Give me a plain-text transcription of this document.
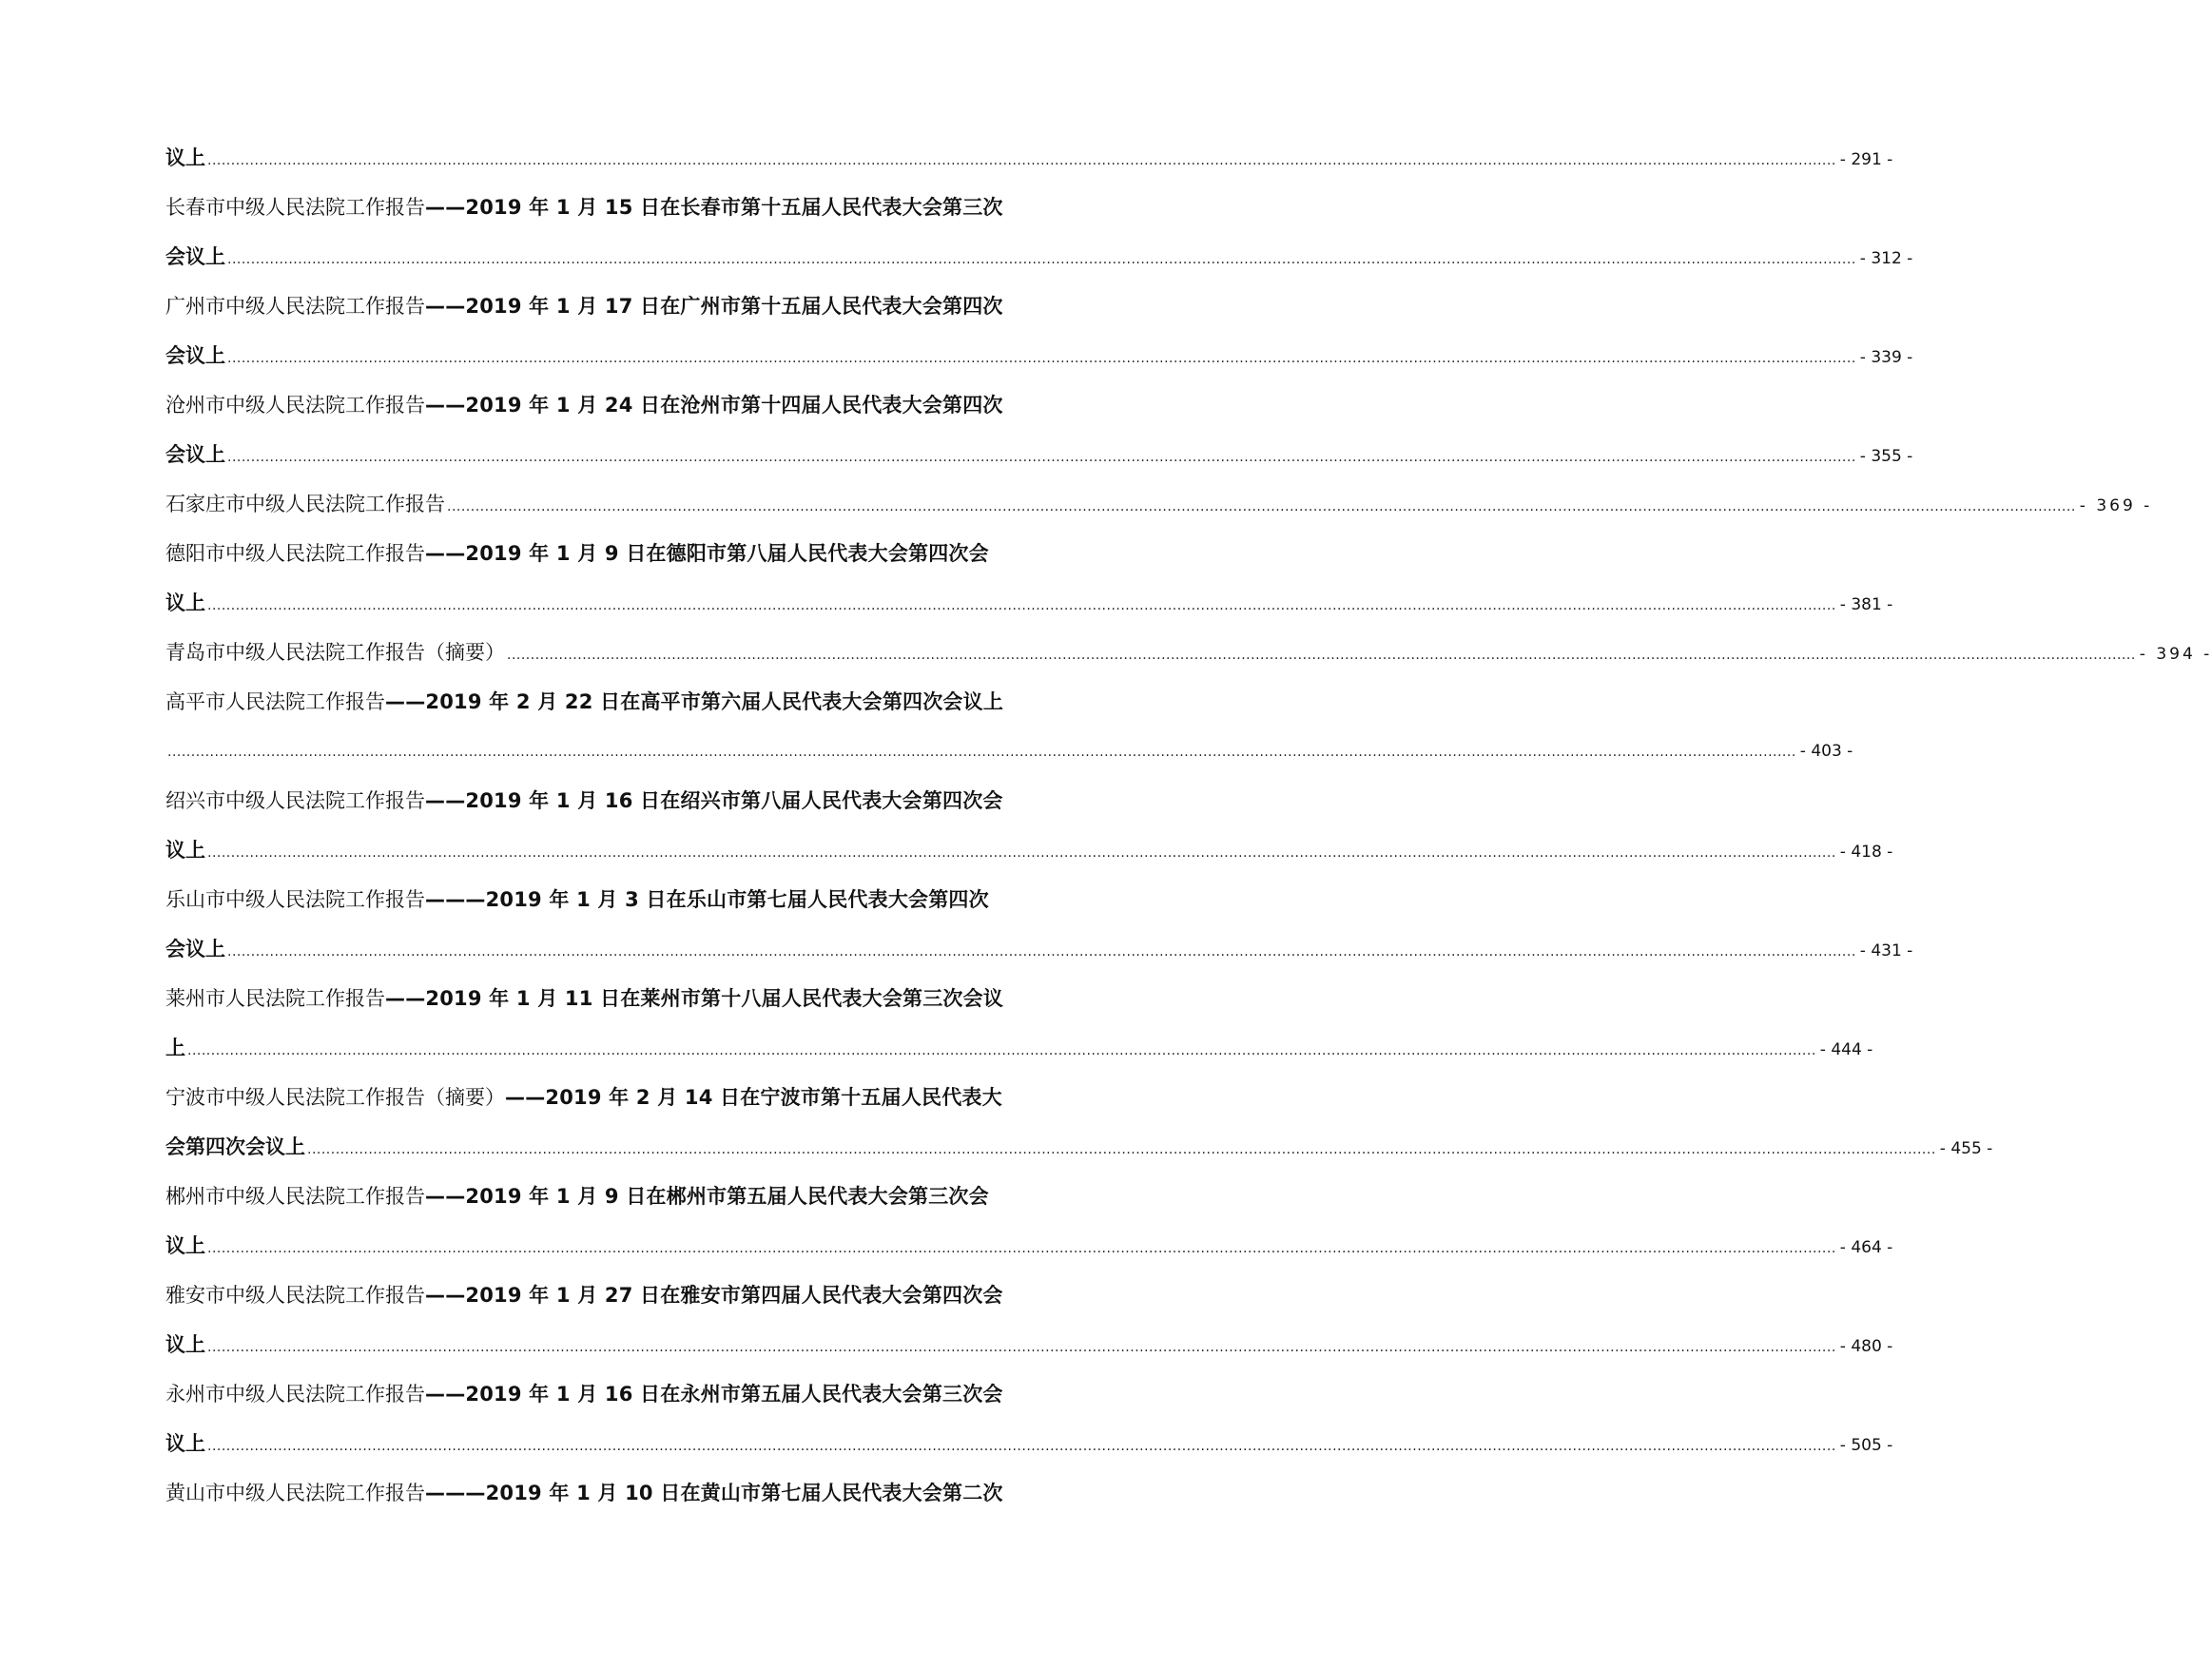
议上 .......................................................................................................................................................................................................................................................................................................................................................... - 291 -
长春市中级人民法院工作报告——2019 年 1 月 15 日在长春市第十五届人民代表大会第三次
会议上 .......................................................................................................................................................................................................................................................................................................................................................... - 312 -
广州市中级人民法院工作报告——2019 年 1 月 17 日在广州市第十五届人民代表大会第四次
会议上 .......................................................................................................................................................................................................................................................................................................................................................... - 339 -
沧州市中级人民法院工作报告——2019 年 1 月 24 日在沧州市第十四届人民代表大会第四次
会议上 .......................................................................................................................................................................................................................................................................................................................................................... - 355 -
石家庄市中级人民法院工作报告 .......................................................................................................................................................................................................................................................................................................................................................... - 369 -
德阳市中级人民法院工作报告——2019 年 1 月 9 日在德阳市第八届人民代表大会第四次会
议上 .......................................................................................................................................................................................................................................................................................................................................................... - 381 -
青岛市中级人民法院工作报告（摘要） .......................................................................................................................................................................................................................................................................................................................................................... - 394 -
高平市人民法院工作报告——2019 年 2 月 22 日在高平市第六届人民代表大会第四次会议上
.......................................................................................................................................................................................................................................................................................................................................................... - 403 -
绍兴市中级人民法院工作报告——2019 年 1 月 16 日在绍兴市第八届人民代表大会第四次会
议上 .......................................................................................................................................................................................................................................................................................................................................................... - 418 -
乐山市中级人民法院工作报告———2019 年 1 月 3 日在乐山市第七届人民代表大会第四次
会议上 .......................................................................................................................................................................................................................................................................................................................................................... - 431 -
莱州市人民法院工作报告——2019 年 1 月 11 日在莱州市第十八届人民代表大会第三次会议
上 .......................................................................................................................................................................................................................................................................................................................................................... - 444 -
宁波市中级人民法院工作报告（摘要）——2019 年 2 月 14 日在宁波市第十五届人民代表大
会第四次会议上 .......................................................................................................................................................................................................................................................................................................................................................... - 455 -
郴州市中级人民法院工作报告——2019 年 1 月 9 日在郴州市第五届人民代表大会第三次会
议上 .......................................................................................................................................................................................................................................................................................................................................................... - 464 -
雅安市中级人民法院工作报告——2019 年 1 月 27 日在雅安市第四届人民代表大会第四次会
议上 .......................................................................................................................................................................................................................................................................................................................................................... - 480 -
永州市中级人民法院工作报告——2019 年 1 月 16 日在永州市第五届人民代表大会第三次会
议上 .......................................................................................................................................................................................................................................................................................................................................................... - 505 -
黄山市中级人民法院工作报告———2019 年 1 月 10 日在黄山市第七届人民代表大会第二次
